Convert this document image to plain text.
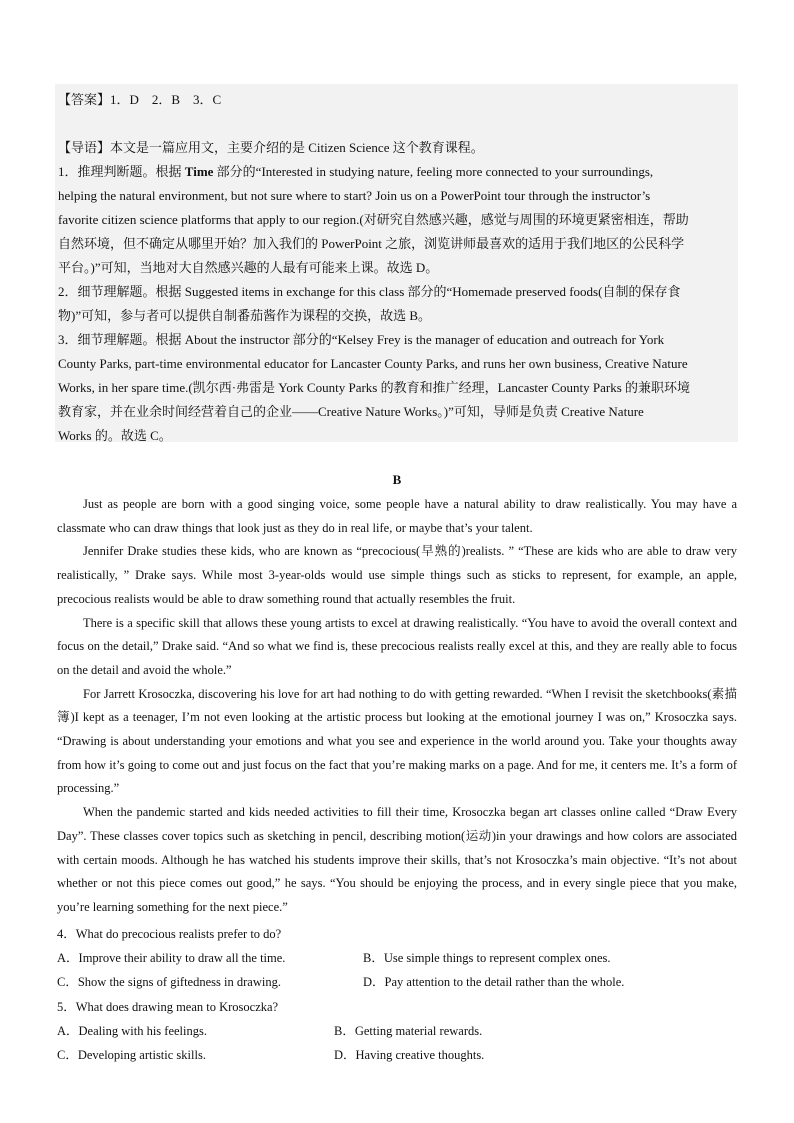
【答案】1．D　2．B　3．C

【导语】本文是一篇应用文，主要介绍的是 Citizen Science 这个教育课程。

1．推理判断题。根据 Time 部分的“Interested in studying nature, feeling more connected to your surroundings,

helping the natural environment, but not sure where to start? Join us on a PowerPoint tour through the instructor’s

favorite citizen science platforms that apply to our region.(对研究自然感兴趣，感觉与周围的环境更紧密相连，帮助

自然环境，但不确定从哪里开始？加入我们的 PowerPoint 之旅，浏览讲师最喜欢的适用于我们地区的公民科学

平台。)”可知，当地对大自然感兴趣的人最有可能来上课。故选 D。

2．细节理解题。根据 Suggested items in exchange for this class 部分的“Homemade preserved foods(自制的保存食

物)”可知，参与者可以提供自制番茄酱作为课程的交换，故选 B。

3．细节理解题。根据 About the instructor 部分的“Kelsey Frey is the manager of education and outreach for York

County Parks, part-time environmental educator for Lancaster County Parks, and runs her own business, Creative Nature

Works, in her spare time.(凯尔西·弗雷是 York County Parks 的教育和推广经理，Lancaster County Parks 的兼职环境

教育家，并在业余时间经营着自己的企业——Creative Nature Works。)”可知，导师是负责 Creative Nature

Works 的。故选 C。

B

Just as people are born with a good singing voice, some people have a natural ability to draw realistically. You may have a classmate who can draw things that look just as they do in real life, or maybe that’s your talent.

Jennifer Drake studies these kids, who are known as “precocious(早熟的)realists. ” “These are kids who are able to draw very realistically, ” Drake says. While most 3-year-olds would use simple things such as sticks to represent, for example, an apple, precocious realists would be able to draw something round that actually resembles the fruit.

There is a specific skill that allows these young artists to excel at drawing realistically. “You have to avoid the overall context and focus on the detail,” Drake said. “And so what we find is, these precocious realists really excel at this, and they are really able to focus on the detail and avoid the whole.”

For Jarrett Krosoczka, discovering his love for art had nothing to do with getting rewarded. “When I revisit the sketchbooks(素描簿)I kept as a teenager, I’m not even looking at the artistic process but looking at the emotional journey I was on,” Krosoczka says. “Drawing is about understanding your emotions and what you see and experience in the world around you. Take your thoughts away from how it’s going to come out and just focus on the fact that you’re making marks on a page. And for me, it centers me. It’s a form of processing.”

When the pandemic started and kids needed activities to fill their time, Krosoczka began art classes online called “Draw Every Day”. These classes cover topics such as sketching in pencil, describing motion(运动)in your drawings and how colors are associated with certain moods. Although he has watched his students improve their skills, that’s not Krosoczka’s main objective. “It’s not about whether or not this piece comes out good,” he says. “You should be enjoying the process, and in every single piece that you make, you’re learning something for the next piece.”

4．What do precocious realists prefer to do?

A．Improve their ability to draw all the time.	B．Use simple things to represent complex ones.
C．Show the signs of giftedness in drawing.	D．Pay attention to the detail rather than the whole.

5．What does drawing mean to Krosoczka?

A．Dealing with his feelings.	B．Getting material rewards.
C．Developing artistic skills.	D．Having creative thoughts.
